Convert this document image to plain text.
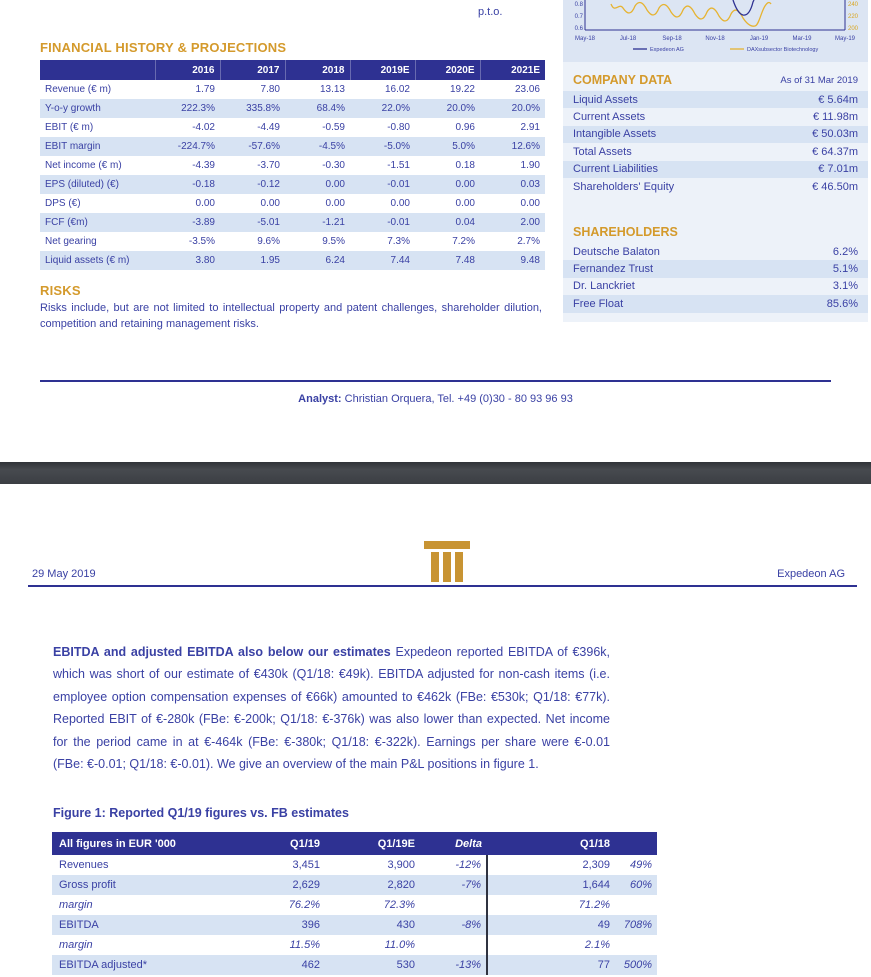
p.t.o.
0.8
0.7
0.6
240
220
200
May-18	Jul-18	Sep-18	Nov-18	Jan-19	Mar-19	May-19
Expedeon AG	DAXsubsector Biotechnology
COMPANY DATA	As of 31 Mar 2019
Liquid Assets	€ 5.64m
Current Assets	€ 11.98m
Intangible Assets	€ 50.03m
Total Assets	€ 64.37m
Current Liabilities	€ 7.01m
Shareholders' Equity	€ 46.50m
SHAREHOLDERS
Deutsche Balaton	6.2%
Fernandez Trust	5.1%
Dr. Lanckriet	3.1%
Free Float	85.6%
FINANCIAL HISTORY & PROJECTIONS
	2016	2017	2018	2019E	2020E	2021E
Revenue (€ m)	1.79	7.80	13.13	16.02	19.22	23.06
Y-o-y growth	222.3%	335.8%	68.4%	22.0%	20.0%	20.0%
EBIT (€ m)	-4.02	-4.49	-0.59	-0.80	0.96	2.91
EBIT margin	-224.7%	-57.6%	-4.5%	-5.0%	5.0%	12.6%
Net income (€ m)	-4.39	-3.70	-0.30	-1.51	0.18	1.90
EPS (diluted) (€)	-0.18	-0.12	0.00	-0.01	0.00	0.03
DPS (€)	0.00	0.00	0.00	0.00	0.00	0.00
FCF (€m)	-3.89	-5.01	-1.21	-0.01	0.04	2.00
Net gearing	-3.5%	9.6%	9.5%	7.3%	7.2%	2.7%
Liquid assets (€ m)	3.80	1.95	6.24	7.44	7.48	9.48
RISKS

Risks include, but are not limited to intellectual property and patent challenges, shareholder dilution, competition and retaining management risks.

Analyst: Christian Orquera, Tel. +49 (0)30 - 80 93 96 93
29 May 2019	Expedeon AG

EBITDA and adjusted EBITDA also below our estimates Expedeon reported EBITDA of €396k, which was short of our estimate of €430k (Q1/18: €49k). EBITDA adjusted for non-cash items (i.e. employee option compensation expenses of €66k) amounted to €462k (FBe: €530k; Q1/18: €77k). Reported EBIT of €-280k (FBe: €-200k; Q1/18: €-376k) was also lower than expected. Net income for the period came in at €-464k (FBe: €-380k; Q1/18: €-322k). Earnings per share were €-0.01 (FBe: €-0.01; Q1/18: €-0.01). We give an overview of the main P&L positions in figure 1.

Figure 1: Reported Q1/19 figures vs. FB estimates
All figures in EUR '000	Q1/19	Q1/19E	Delta	Q1/18	
Revenues	3,451	3,900	-12%	2,309	49%
Gross profit	2,629	2,820	-7%	1,644	60%
margin	76.2%	72.3%		71.2%	
EBITDA	396	430	-8%	49	708%
margin	11.5%	11.0%		2.1%	
EBITDA adjusted*	462	530	-13%	77	500%
